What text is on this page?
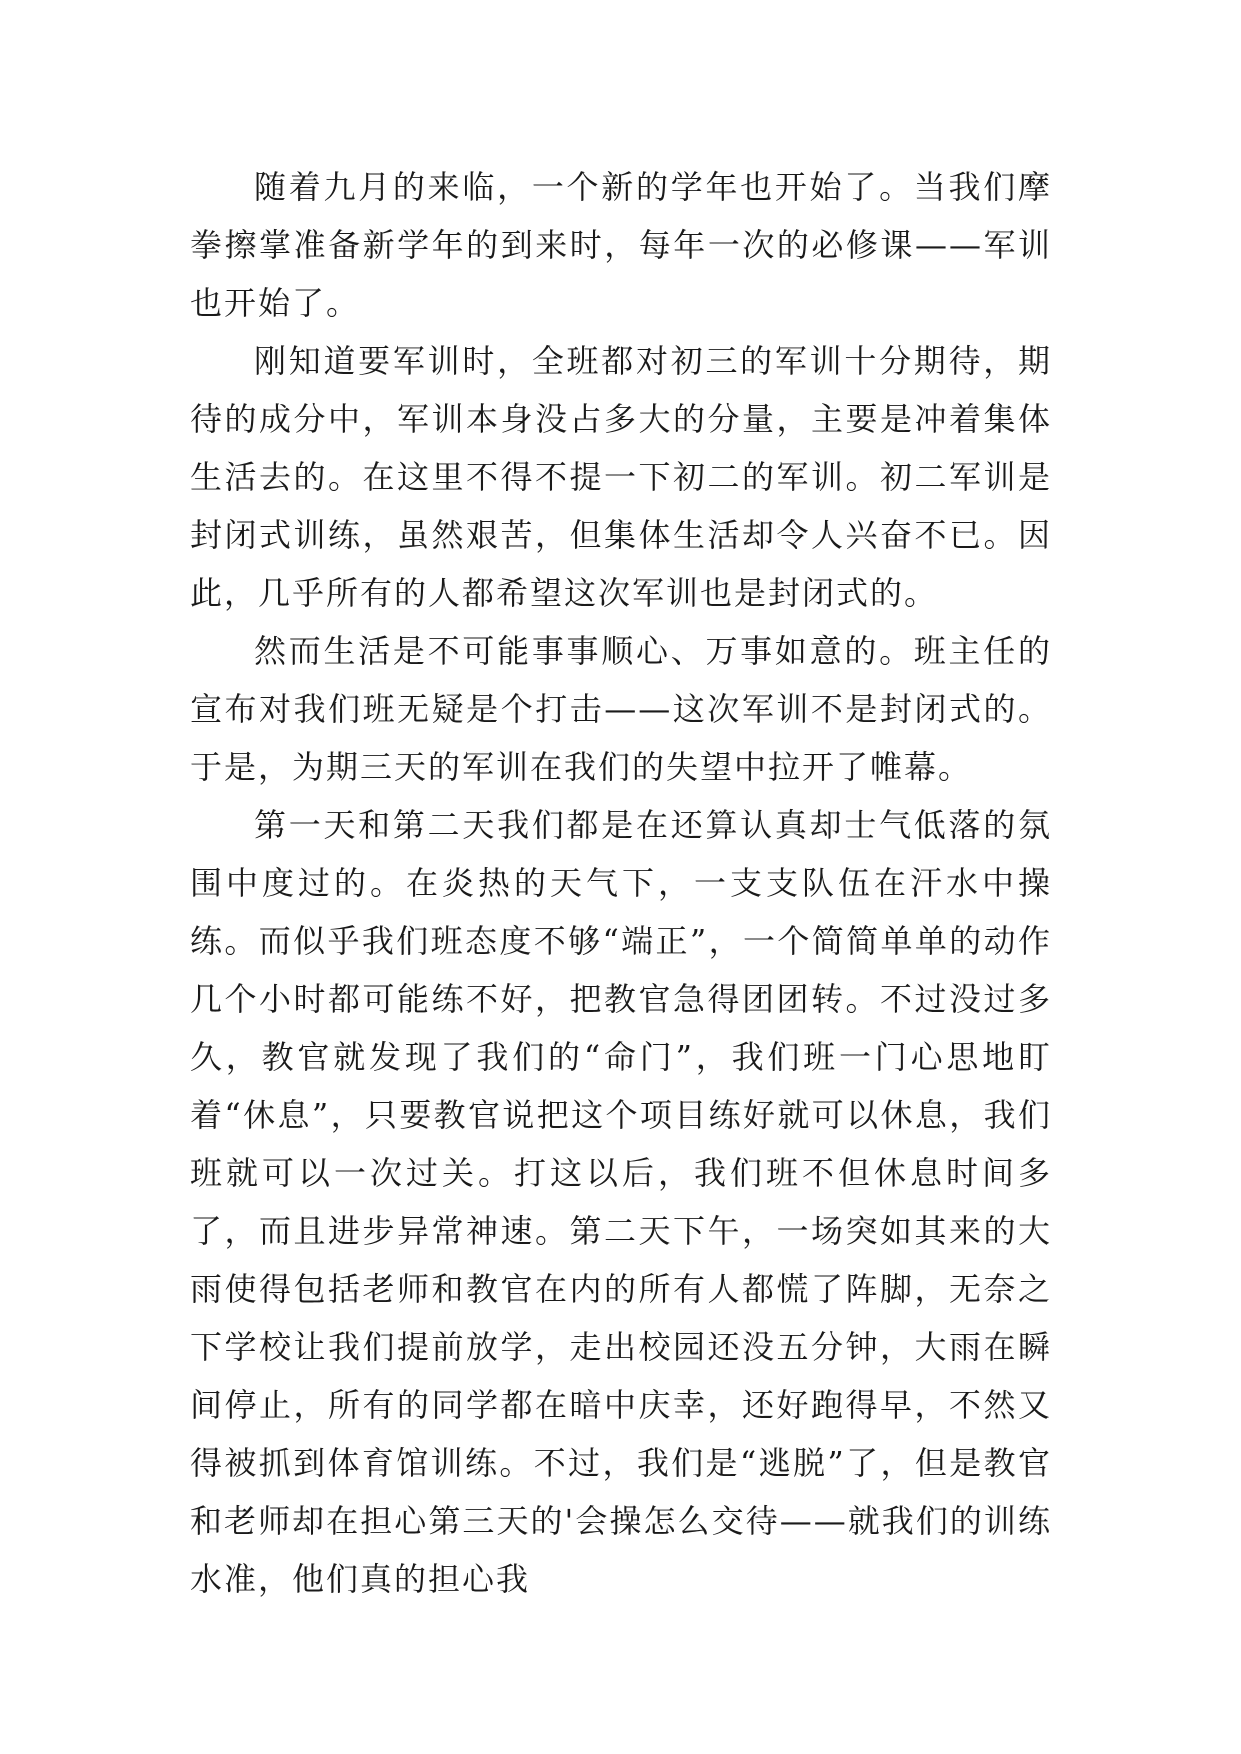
随着九月的来临，一个新的学年也开始了。当我们摩拳擦掌准备新学年的到来时，每年一次的必修课——军训也开始了。

刚知道要军训时，全班都对初三的军训十分期待，期待的成分中，军训本身没占多大的分量，主要是冲着集体生活去的。在这里不得不提一下初二的军训。初二军训是封闭式训练，虽然艰苦，但集体生活却令人兴奋不已。因此，几乎所有的人都希望这次军训也是封闭式的。

然而生活是不可能事事顺心、万事如意的。班主任的宣布对我们班无疑是个打击——这次军训不是封闭式的。于是，为期三天的军训在我们的失望中拉开了帷幕。

第一天和第二天我们都是在还算认真却士气低落的氛围中度过的。在炎热的天气下，一支支队伍在汗水中操练。而似乎我们班态度不够“端正”，一个简简单单的动作几个小时都可能练不好，把教官急得团团转。不过没过多久，教官就发现了我们的“命门”，我们班一门心思地盯着“休息”，只要教官说把这个项目练好就可以休息，我们班就可以一次过关。打这以后，我们班不但休息时间多了，而且进步异常神速。第二天下午，一场突如其来的大雨使得包括老师和教官在内的所有人都慌了阵脚，无奈之下学校让我们提前放学，走出校园还没五分钟，大雨在瞬间停止，所有的同学都在暗中庆幸，还好跑得早，不然又得被抓到体育馆训练。不过，我们是“逃脱”了，但是教官和老师却在担心第三天的'会操怎么交待——就我们的训练水准，他们真的担心我
